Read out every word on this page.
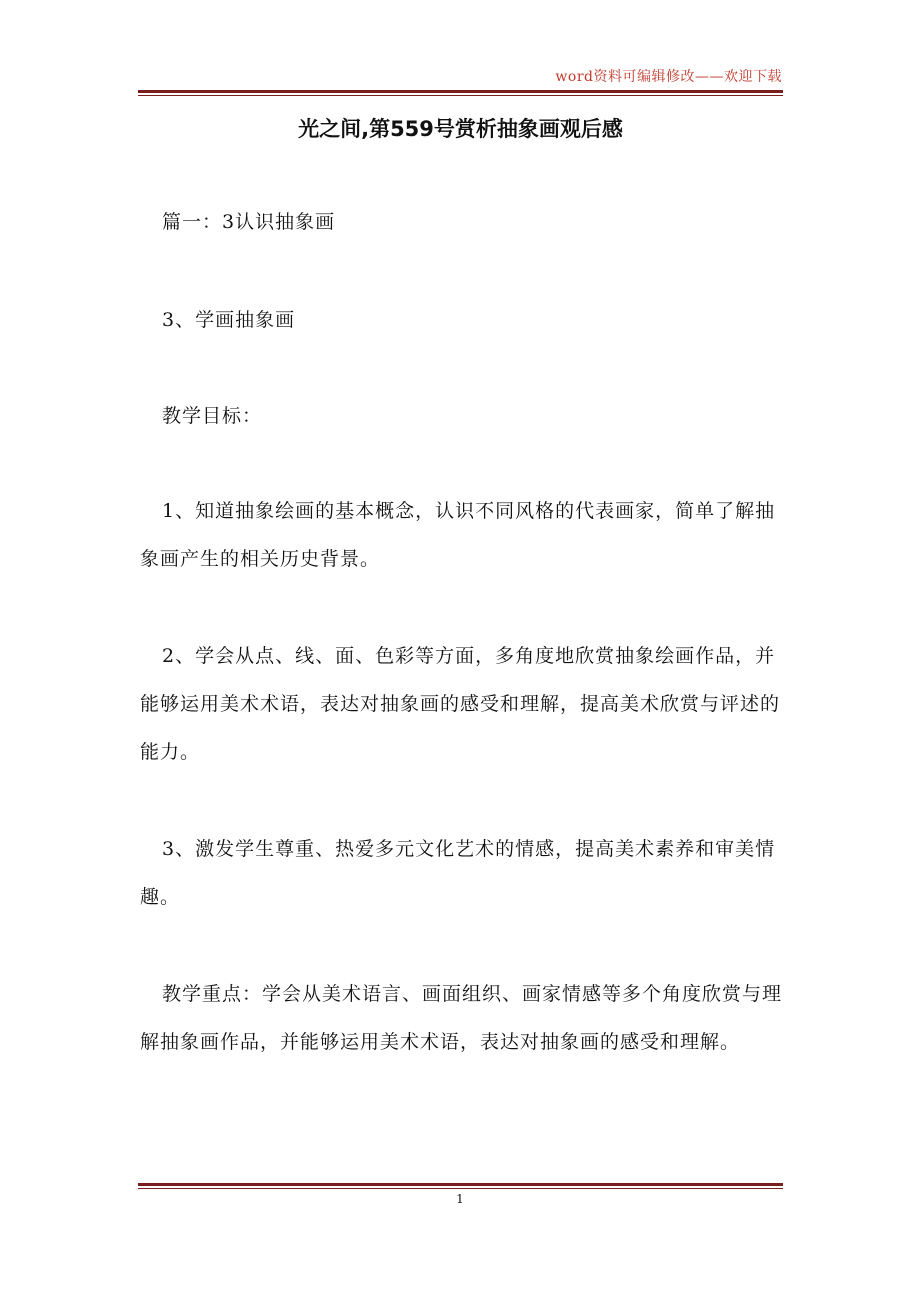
word资料可编辑修改——欢迎下载
光之间,第559号赏析抽象画观后感
篇一：3认识抽象画
3、学画抽象画
教学目标：
1、知道抽象绘画的基本概念，认识不同风格的代表画家，简单了解抽象画产生的相关历史背景。
2、学会从点、线、面、色彩等方面，多角度地欣赏抽象绘画作品，并能够运用美术术语，表达对抽象画的感受和理解，提高美术欣赏与评述的能力。
3、激发学生尊重、热爱多元文化艺术的情感，提高美术素养和审美情趣。
教学重点：学会从美术语言、画面组织、画家情感等多个角度欣赏与理解抽象画作品，并能够运用美术术语，表达对抽象画的感受和理解。
1
